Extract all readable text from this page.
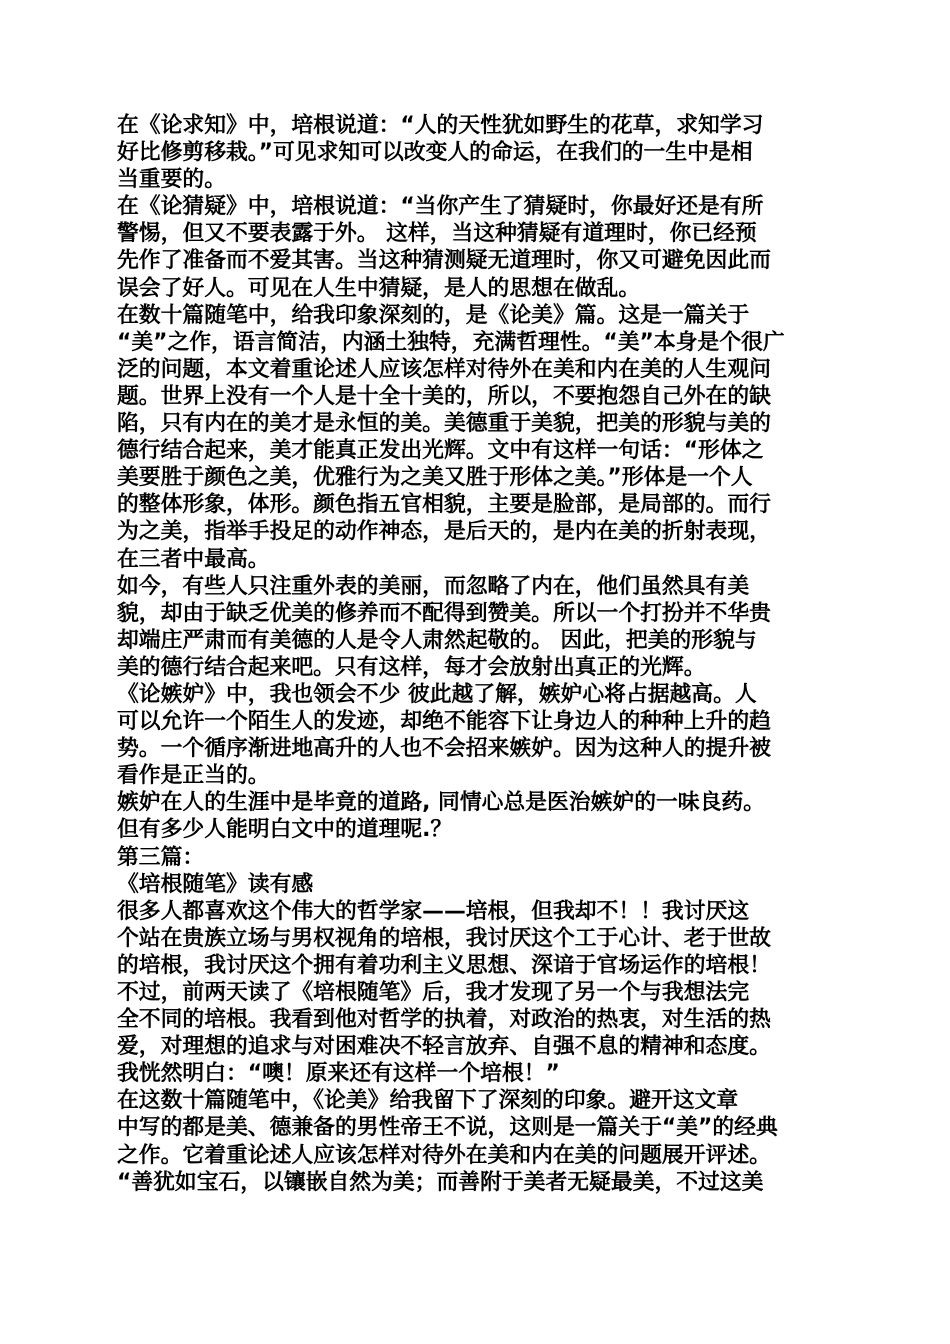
在《论求知》中，培根说道：“人的天性犹如野生的花草，求知学习
好比修剪移栽。”可见求知可以改变人的命运，在我们的一生中是相
当重要的。
在《论猜疑》中，培根说道：“当你产生了猜疑时，你最好还是有所
警惕，但又不要表露于外。 这样，当这种猜疑有道理时，你已经预
先作了准备而不爱其害。当这种猜测疑无道理时，你又可避免因此而
误会了好人。可见在人生中猜疑，是人的思想在做乱。
在数十篇随笔中，给我印象深刻的，是《论美》篇。这是一篇关于
“美”之作，语言简洁，内涵土独特，充满哲理性。“美”本身是个很广
泛的问题，本文着重论述人应该怎样对待外在美和内在美的人生观问
题。世界上没有一个人是十全十美的，所以，不要抱怨自己外在的缺
陷，只有内在的美才是永恒的美。美德重于美貌，把美的形貌与美的
德行结合起来，美才能真正发出光辉。文中有这样一句话：“形体之
美要胜于颜色之美，优雅行为之美又胜于形体之美。”形体是一个人
的整体形象，体形。颜色指五官相貌，主要是脸部，是局部的。而行
为之美，指举手投足的动作神态，是后天的，是内在美的折射表现，
在三者中最高。
如今，有些人只注重外表的美丽，而忽略了内在，他们虽然具有美
貌，却由于缺乏优美的修养而不配得到赞美。所以一个打扮并不华贵
却端庄严肃而有美德的人是令人肃然起敬的。 因此，把美的形貌与
美的德行结合起来吧。只有这样，每才会放射出真正的光辉。
《论嫉妒》中，我也领会不少 彼此越了解，嫉妒心将占据越高。人
可以允许一个陌生人的发迹，却绝不能容下让身边人的种种上升的趋
势。一个循序渐进地高升的人也不会招来嫉妒。因为这种人的提升被
看作是正当的。
嫉妒在人的生涯中是毕竟的道路, 同情心总是医治嫉妒的一味良药。
但有多少人能明白文中的道理呢.？
第三篇：
《培根随笔》读有感
很多人都喜欢这个伟大的哲学家——培根，但我却不！！我讨厌这
个站在贵族立场与男权视角的培根，我讨厌这个工于心计、老于世故
的培根，我讨厌这个拥有着功利主义思想、深谙于官场运作的培根！
不过，前两天读了《培根随笔》后，我才发现了另一个与我想法完
全不同的培根。我看到他对哲学的执着，对政治的热衷，对生活的热
爱，对理想的追求与对困难决不轻言放弃、自强不息的精神和态度。
我恍然明白：“噢！原来还有这样一个培根！”
在这数十篇随笔中，《论美》给我留下了深刻的印象。避开这文章
中写的都是美、德兼备的男性帝王不说，这则是一篇关于“美”的经典
之作。它着重论述人应该怎样对待外在美和内在美的问题展开评述。
“善犹如宝石，以镶嵌自然为美；而善附于美者无疑最美，不过这美
